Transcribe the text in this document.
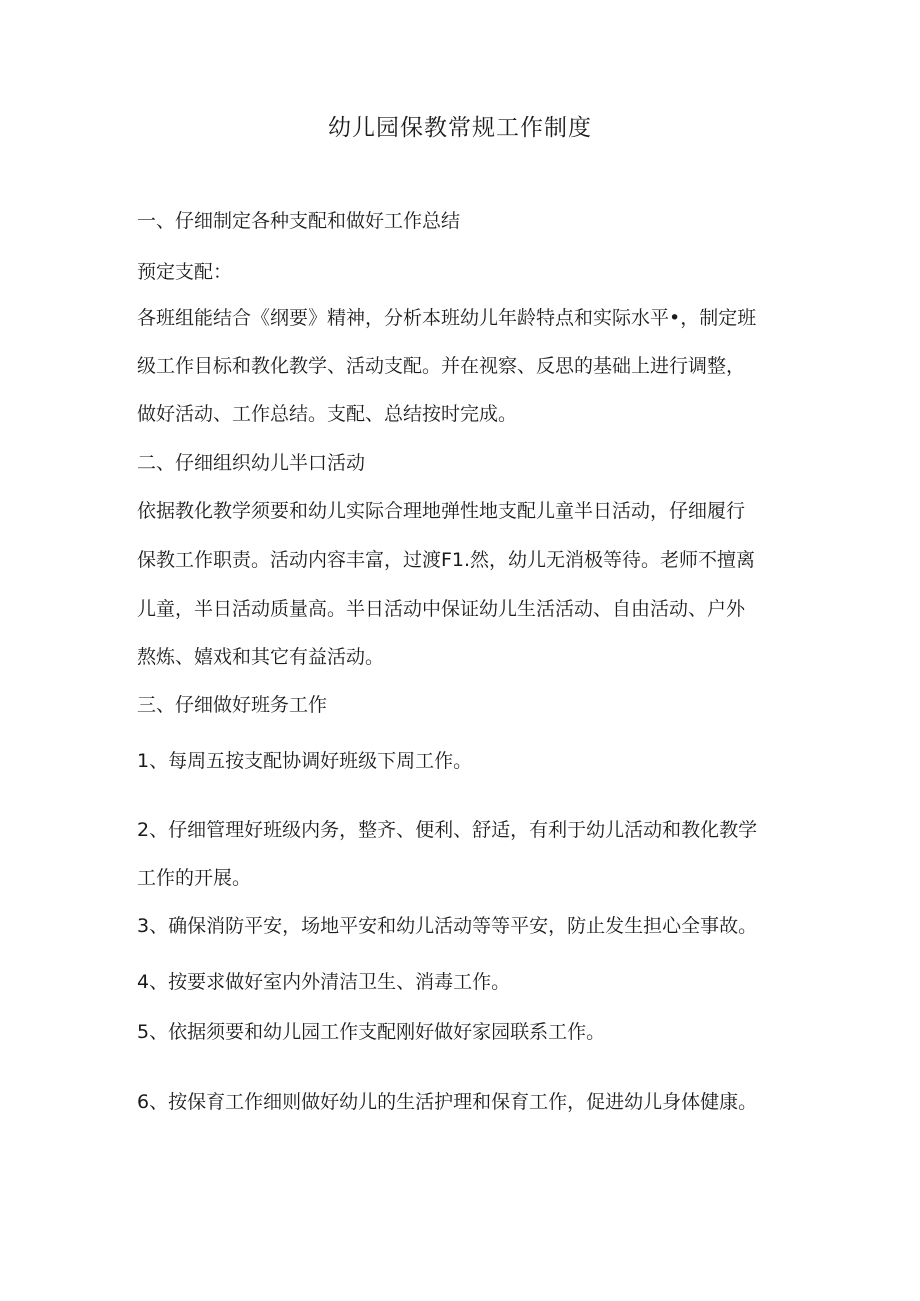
幼儿园保教常规工作制度
一、仔细制定各种支配和做好工作总结
预定支配：
各班组能结合《纲要》精神，分析本班幼儿年龄特点和实际水平•，制定班
级工作目标和教化教学、活动支配。并在视察、反思的基础上进行调整，
做好活动、工作总结。支配、总结按时完成。
二、仔细组织幼儿半口活动
依据教化教学须要和幼儿实际合理地弹性地支配儿童半日活动，仔细履行
保教工作职责。活动内容丰富，过渡F1.然，幼儿无消极等待。老师不擅离
儿童，半日活动质量高。半日活动中保证幼儿生活活动、自由活动、户外
熬炼、嬉戏和其它有益活动。
三、仔细做好班务工作
1、每周五按支配协调好班级下周工作。
2、仔细管理好班级内务，整齐、便利、舒适，有利于幼儿活动和教化教学
工作的开展。
3、确保消防平安，场地平安和幼儿活动等等平安，防止发生担心全事故。
4、按要求做好室内外清洁卫生、消毒工作。
5、依据须要和幼儿园工作支配刚好做好家园联系工作。
6、按保育工作细则做好幼儿的生活护理和保育工作，促进幼儿身体健康。
